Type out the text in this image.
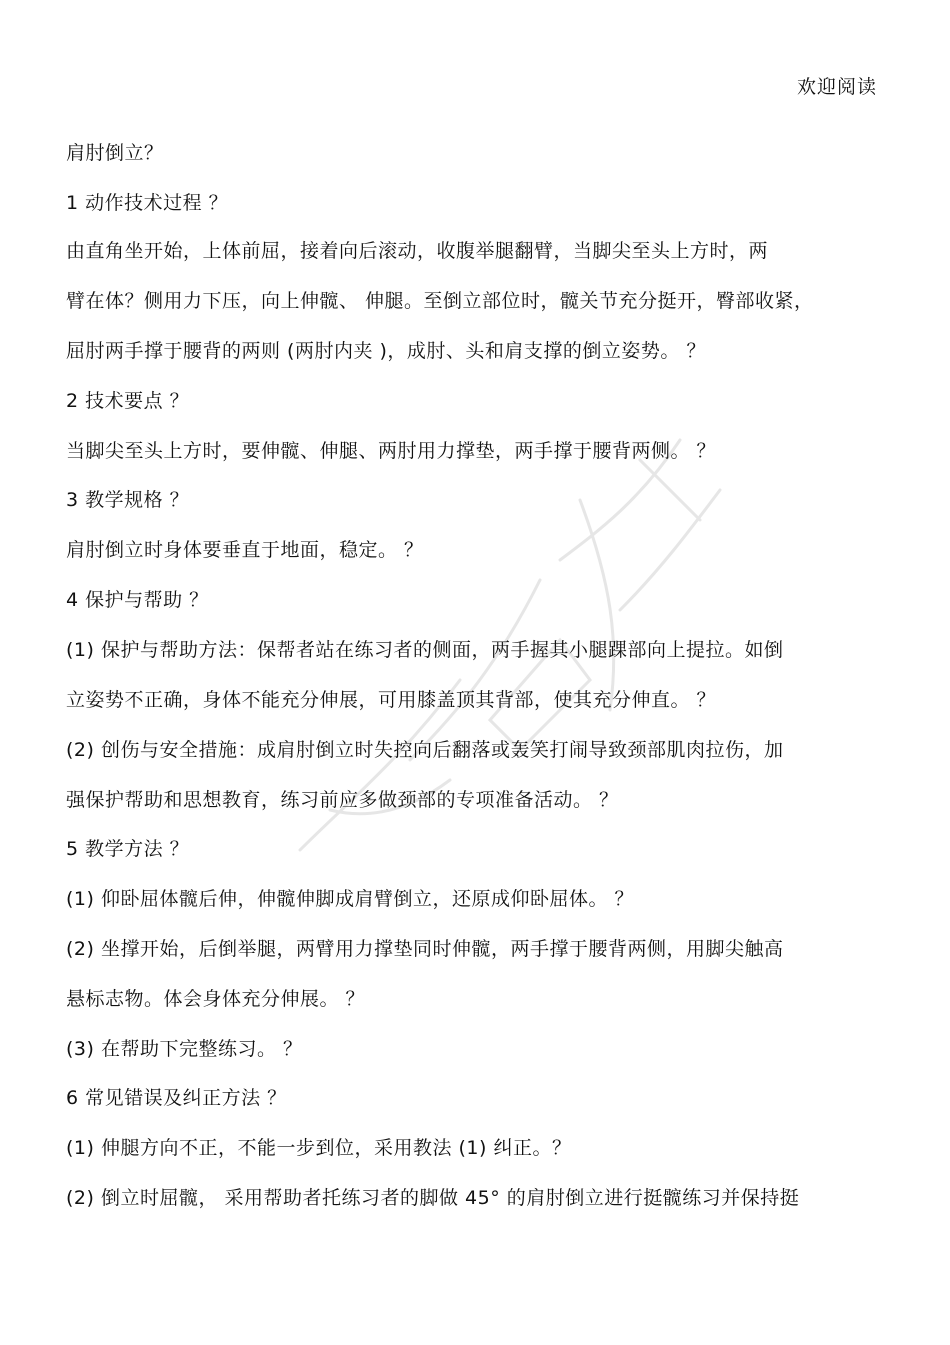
欢迎阅读
肩肘倒立？
1 动作技术过程 ？
由直角坐开始，上体前屈，接着向后滚动，收腹举腿翻臂，当脚尖至头上方时，两
臂在体？侧用力下压，向上伸髋、 伸腿。至倒立部位时，髋关节充分挺开，臀部收紧，
屈肘两手撑于腰背的两则 (两肘内夹 )，成肘、头和肩支撑的倒立姿势。 ？
2 技术要点 ？
当脚尖至头上方时，要伸髋、伸腿、两肘用力撑垫，两手撑于腰背两侧。 ？
3 教学规格 ？
肩肘倒立时身体要垂直于地面，稳定。 ？
4 保护与帮助 ？
(1) 保护与帮助方法：保帮者站在练习者的侧面，两手握其小腿踝部向上提拉。如倒
立姿势不正确，身体不能充分伸展，可用膝盖顶其背部，使其充分伸直。 ？
(2) 创伤与安全措施：成肩肘倒立时失控向后翻落或轰笑打闹导致颈部肌肉拉伤，加
强保护帮助和思想教育，练习前应多做颈部的专项准备活动。 ？
5 教学方法 ？
(1) 仰卧屈体髋后伸，伸髋伸脚成肩臂倒立，还原成仰卧屈体。 ？
(2) 坐撑开始，后倒举腿，两臂用力撑垫同时伸髋，两手撑于腰背两侧，用脚尖触高
悬标志物。体会身体充分伸展。 ？
(3) 在帮助下完整练习。 ？
6 常见错误及纠正方法 ？
(1) 伸腿方向不正，不能一步到位，采用教法 (1) 纠正。？
(2) 倒立时屈髋， 采用帮助者托练习者的脚做 45° 的肩肘倒立进行挺髋练习并保持挺
